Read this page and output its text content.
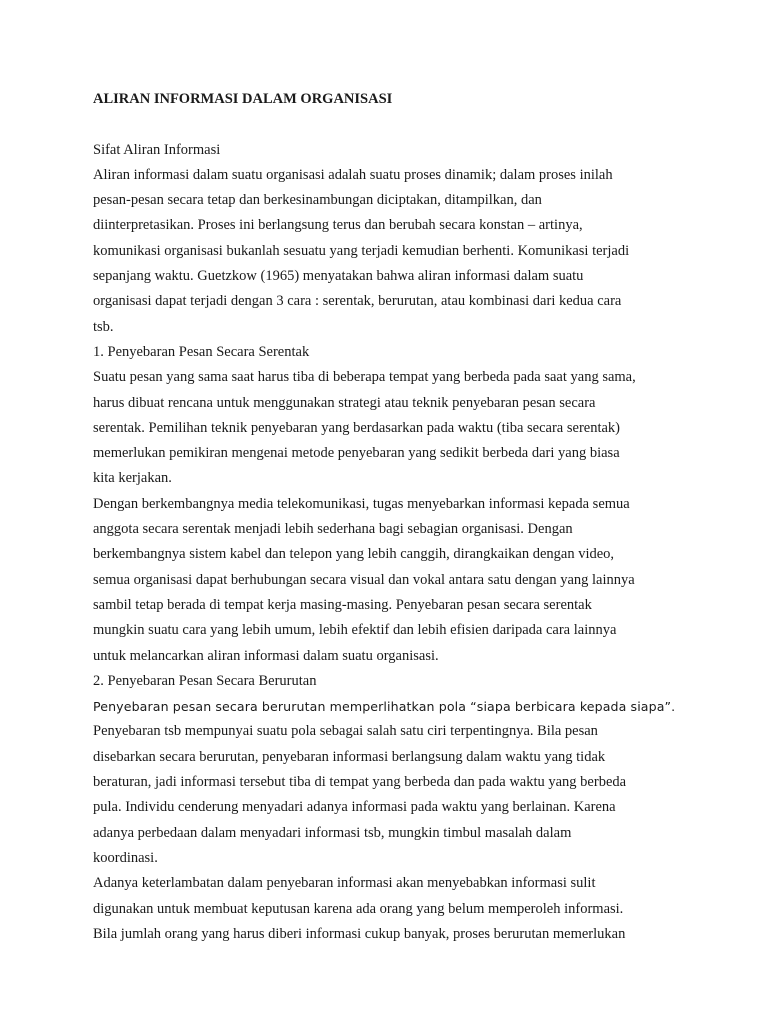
ALIRAN INFORMASI DALAM ORGANISASI
Sifat Aliran Informasi
Aliran informasi dalam suatu organisasi adalah suatu proses dinamik; dalam proses inilah
pesan-pesan secara tetap dan berkesinambungan diciptakan, ditampilkan, dan
diinterpretasikan. Proses ini berlangsung terus dan berubah secara konstan – artinya,
komunikasi organisasi bukanlah sesuatu yang terjadi kemudian berhenti. Komunikasi terjadi
sepanjang waktu. Guetzkow (1965) menyatakan bahwa aliran informasi dalam suatu
organisasi dapat terjadi dengan 3 cara : serentak, berurutan, atau kombinasi dari kedua cara
tsb.
1. Penyebaran Pesan Secara Serentak
Suatu pesan yang sama saat harus tiba di beberapa tempat yang berbeda pada saat yang sama,
harus dibuat rencana untuk menggunakan strategi atau teknik penyebaran pesan secara
serentak. Pemilihan teknik penyebaran yang berdasarkan pada waktu (tiba secara serentak)
memerlukan pemikiran mengenai metode penyebaran yang sedikit berbeda dari yang biasa
kita kerjakan.
Dengan berkembangnya media telekomunikasi, tugas menyebarkan informasi kepada semua
anggota secara serentak menjadi lebih sederhana bagi sebagian organisasi. Dengan
berkembangnya sistem kabel dan telepon yang lebih canggih, dirangkaikan dengan video,
semua organisasi dapat berhubungan secara visual dan vokal antara satu dengan yang lainnya
sambil tetap berada di tempat kerja masing-masing. Penyebaran pesan secara serentak
mungkin suatu cara yang lebih umum, lebih efektif dan lebih efisien daripada cara lainnya
untuk melancarkan aliran informasi dalam suatu organisasi.
2. Penyebaran Pesan Secara Berurutan
Penyebaran pesan secara berurutan memperlihatkan pola “siapa berbicara kepada siapa”.
Penyebaran tsb mempunyai suatu pola sebagai salah satu ciri terpentingnya. Bila pesan
disebarkan secara berurutan, penyebaran informasi berlangsung dalam waktu yang tidak
beraturan, jadi informasi tersebut tiba di tempat yang berbeda dan pada waktu yang berbeda
pula. Individu cenderung menyadari adanya informasi pada waktu yang berlainan. Karena
adanya perbedaan dalam menyadari informasi tsb, mungkin timbul masalah dalam
koordinasi.
Adanya keterlambatan dalam penyebaran informasi akan menyebabkan informasi sulit
digunakan untuk membuat keputusan karena ada orang yang belum memperoleh informasi.
Bila jumlah orang yang harus diberi informasi cukup banyak, proses berurutan memerlukan
